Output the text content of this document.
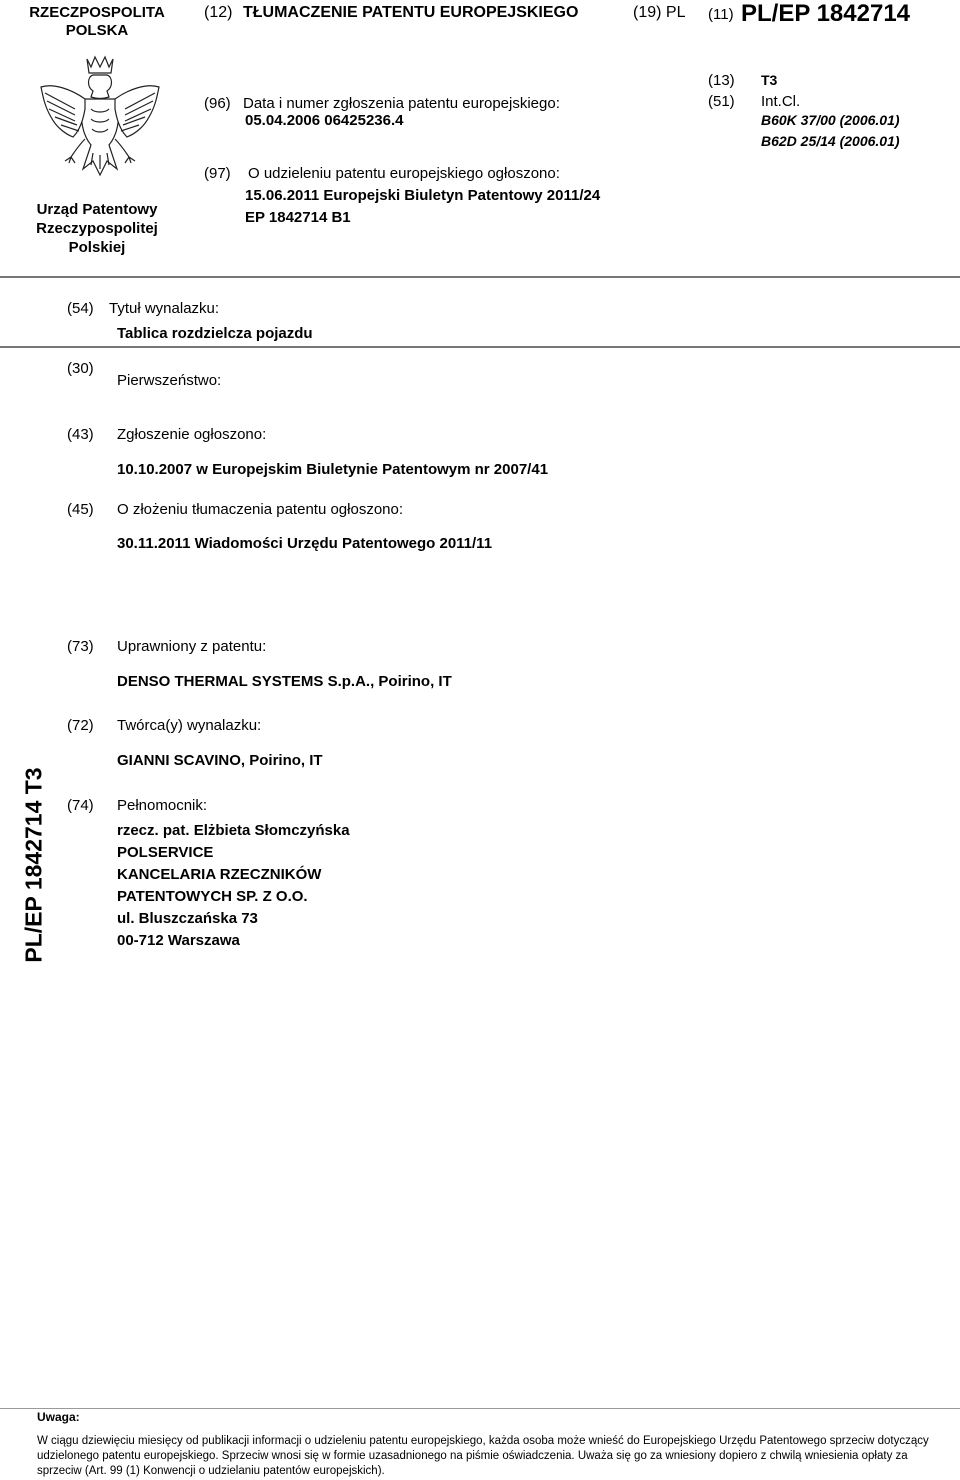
RZECZPOSPOLITA
POLSKA
(12) TŁUMACZENIE PATENTU EUROPEJSKIEGO	(19) PL (11) PL/EP 1842714
Urząd Patentowy
Rzeczypospolitej
Polskiej
(96) Data i numer zgłoszenia patentu europejskiego:
05.04.2006 06425236.4
(13) T3
(51) Int.Cl.
B60K 37/00 (2006.01)
B62D 25/14 (2006.01)
(97) O udzieleniu patentu europejskiego ogłoszono:
15.06.2011 Europejski Biuletyn Patentowy 2011/24
EP 1842714 B1
(54) Tytuł wynalazku:
Tablica rozdzielcza pojazdu
(30)
Pierwszeństwo:
(43) Zgłoszenie ogłoszono:
10.10.2007 w Europejskim Biuletynie Patentowym nr 2007/41
(45) O złożeniu tłumaczenia patentu ogłoszono:
30.11.2011 Wiadomości Urzędu Patentowego 2011/11
(73) Uprawniony z patentu:
DENSO THERMAL SYSTEMS S.p.A., Poirino, IT
(72) Twórca(y) wynalazku:
GIANNI SCAVINO, Poirino, IT
PL/EP 1842714 T3 (74) Pełnomocnik:
rzecz. pat. Elżbieta Słomczyńska
POLSERVICE
KANCELARIA RZECZNIKÓW
PATENTOWYCH SP. Z O.O.
ul. Bluszczańska 73
00-712 Warszawa
Uwaga:
W ciągu dziewięciu miesięcy od publikacji informacji o udzieleniu patentu europejskiego, każda osoba może wnieść do Europejskiego Urzędu Patentowego sprzeciw dotyczący
udzielonego patentu europejskiego. Sprzeciw wnosi się w formie uzasadnionego na piśmie oświadczenia. Uważa się go za wniesiony dopiero z chwilą wniesienia opłaty za
sprzeciw (Art. 99 (1) Konwencji o udzielaniu patentów europejskich).
